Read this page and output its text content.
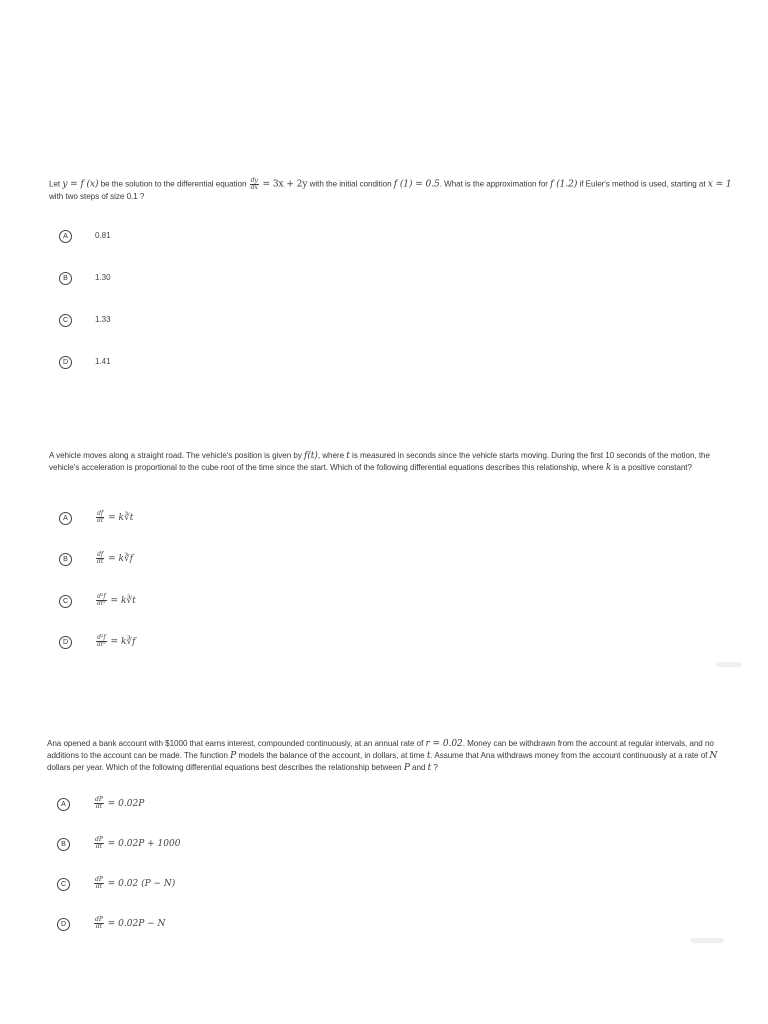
Let y = f (x) be the solution to the differential equation $\frac{dy}{dx} = 3x + 2y$ with the initial condition f (1) = 0.5. What is the approximation for f (1.2) if Euler's method is used, starting at x = 1 with two steps of size 0.1 ?

A	0.81
B	1.30
C	1.33
D	1.41

A vehicle moves along a straight road. The vehicle's position is given by f(t), where t is measured in seconds since the vehicle starts moving. During the first 10 seconds of the motion, the vehicle's acceleration is proportional to the cube root of the time since the start. Which of the following differential equations describes this relationship, where k is a positive constant?

A	$\frac{df}{dt}$ = k∛t
B	$\frac{df}{dt}$ = k∛f
C	$\frac{\text{d²f}}{\text{dt²}}$ = k∛t
D	$\frac{\text{d²f}}{\text{dt²}}$ = k∛f

Ana opened a bank account with $1000 that earns interest, compounded continuously, at an annual rate of r = 0.02. Money can be withdrawn from the account at regular intervals, and no additions to the account can be made. The function P models the balance of the account, in dollars, at time t. Assume that Ana withdraws money from the account continuously at a rate of N dollars per year. Which of the following differential equations best describes the relationship between P and t ?

A	$\frac{dP}{dt} = 0.02P$
B	$\frac{dP}{dt} = 0.02P + 1000$
C	$\frac{dP}{dt} = 0.02$ (P − N)
D	$\frac{dP}{dt} = 0.02P - N$
